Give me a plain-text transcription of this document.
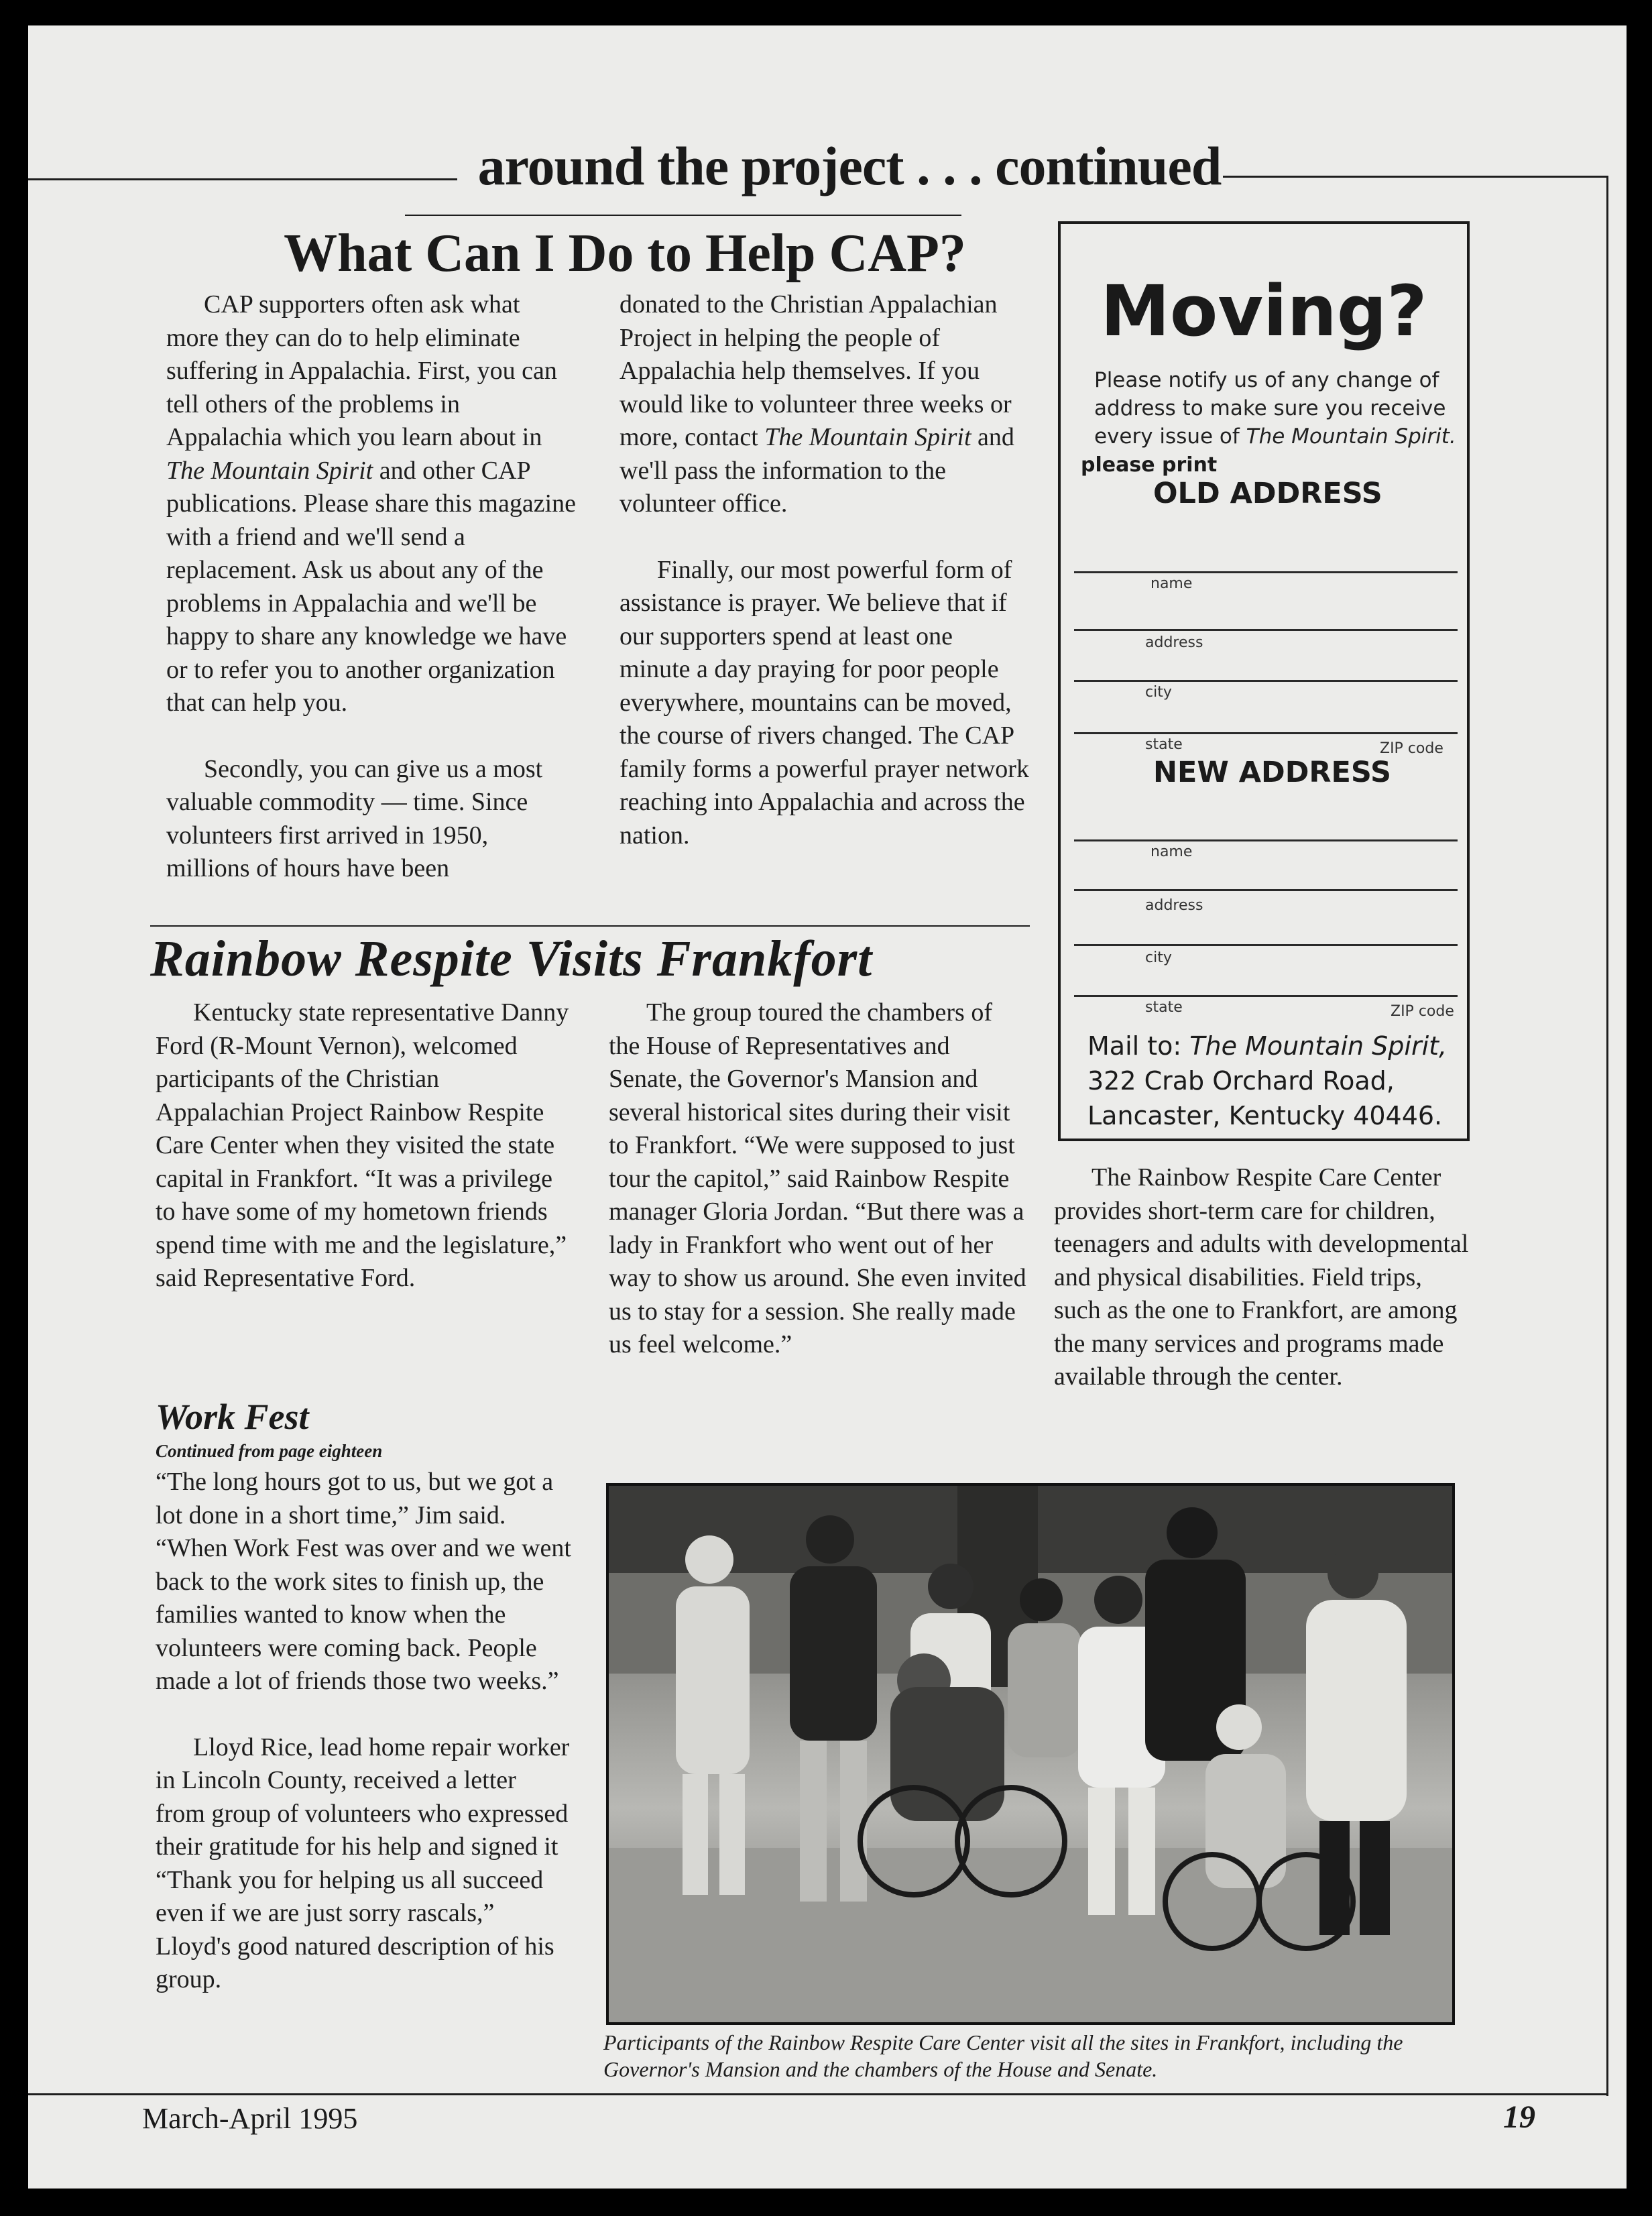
around the project . . . continued
What Can I Do to Help CAP?

CAP supporters often ask what more they can do to help eliminate suffering in Appalachia. First, you can tell others of the problems in Appalachia which you learn about in The Mountain Spirit and other CAP publications. Please share this magazine with a friend and we'll send a replacement. Ask us about any of the problems in Appalachia and we'll be happy to share any knowledge we have or to refer you to another organization that can help you.

Secondly, you can give us a most valuable commodity — time. Since volunteers first arrived in 1950, millions of hours have been

donated to the Christian Appalachian Project in helping the people of Appalachia help themselves. If you would like to volunteer three weeks or more, contact The Mountain Spirit and we'll pass the information to the volunteer office.

Finally, our most powerful form of assistance is prayer. We believe that if our supporters spend at least one minute a day praying for poor people everywhere, mountains can be moved, the course of rivers changed. The CAP family forms a powerful prayer network reaching into Appalachia and across the nation.

Moving?
Please notify us of any change of address to make sure you receive every issue of The Mountain Spirit.
please print
OLD ADDRESS
name
address
city
state	ZIP code
NEW ADDRESS
name
address
city
state	ZIP code
Mail to: The Mountain Spirit,
322 Crab Orchard Road,
Lancaster, Kentucky 40446.
Rainbow Respite Visits Frankfort

Kentucky state representative Danny Ford (R-Mount Vernon), welcomed participants of the Christian Appalachian Project Rainbow Respite Care Center when they visited the state capital in Frankfort. “It was a privilege to have some of my hometown friends spend time with me and the legislature,” said Representative Ford.

The group toured the chambers of the House of Representatives and Senate, the Governor's Mansion and several historical sites during their visit to Frankfort. “We were supposed to just tour the capitol,” said Rainbow Respite manager Gloria Jordan. “But there was a lady in Frankfort who went out of her way to show us around. She even invited us to stay for a session. She really made us feel welcome.”

The Rainbow Respite Care Center provides short-term care for children, teenagers and adults with developmental and physical disabilities. Field trips, such as the one to Frankfort, are among the many services and programs made available through the center.

Work Fest
Continued from page eighteen

“The long hours got to us, but we got a lot done in a short time,” Jim said. “When Work Fest was over and we went back to the work sites to finish up, the families wanted to know when the volunteers were coming back. People made a lot of friends those two weeks.”

Lloyd Rice, lead home repair worker in Lincoln County, received a letter from group of volunteers who expressed their gratitude for his help and signed it “Thank you for helping us all succeed even if we are just sorry rascals,” Lloyd's good natured description of his group.

Participants of the Rainbow Respite Care Center visit all the sites in Frankfort, including the Governor's Mansion and the chambers of the House and Senate.
March-April 1995	19
